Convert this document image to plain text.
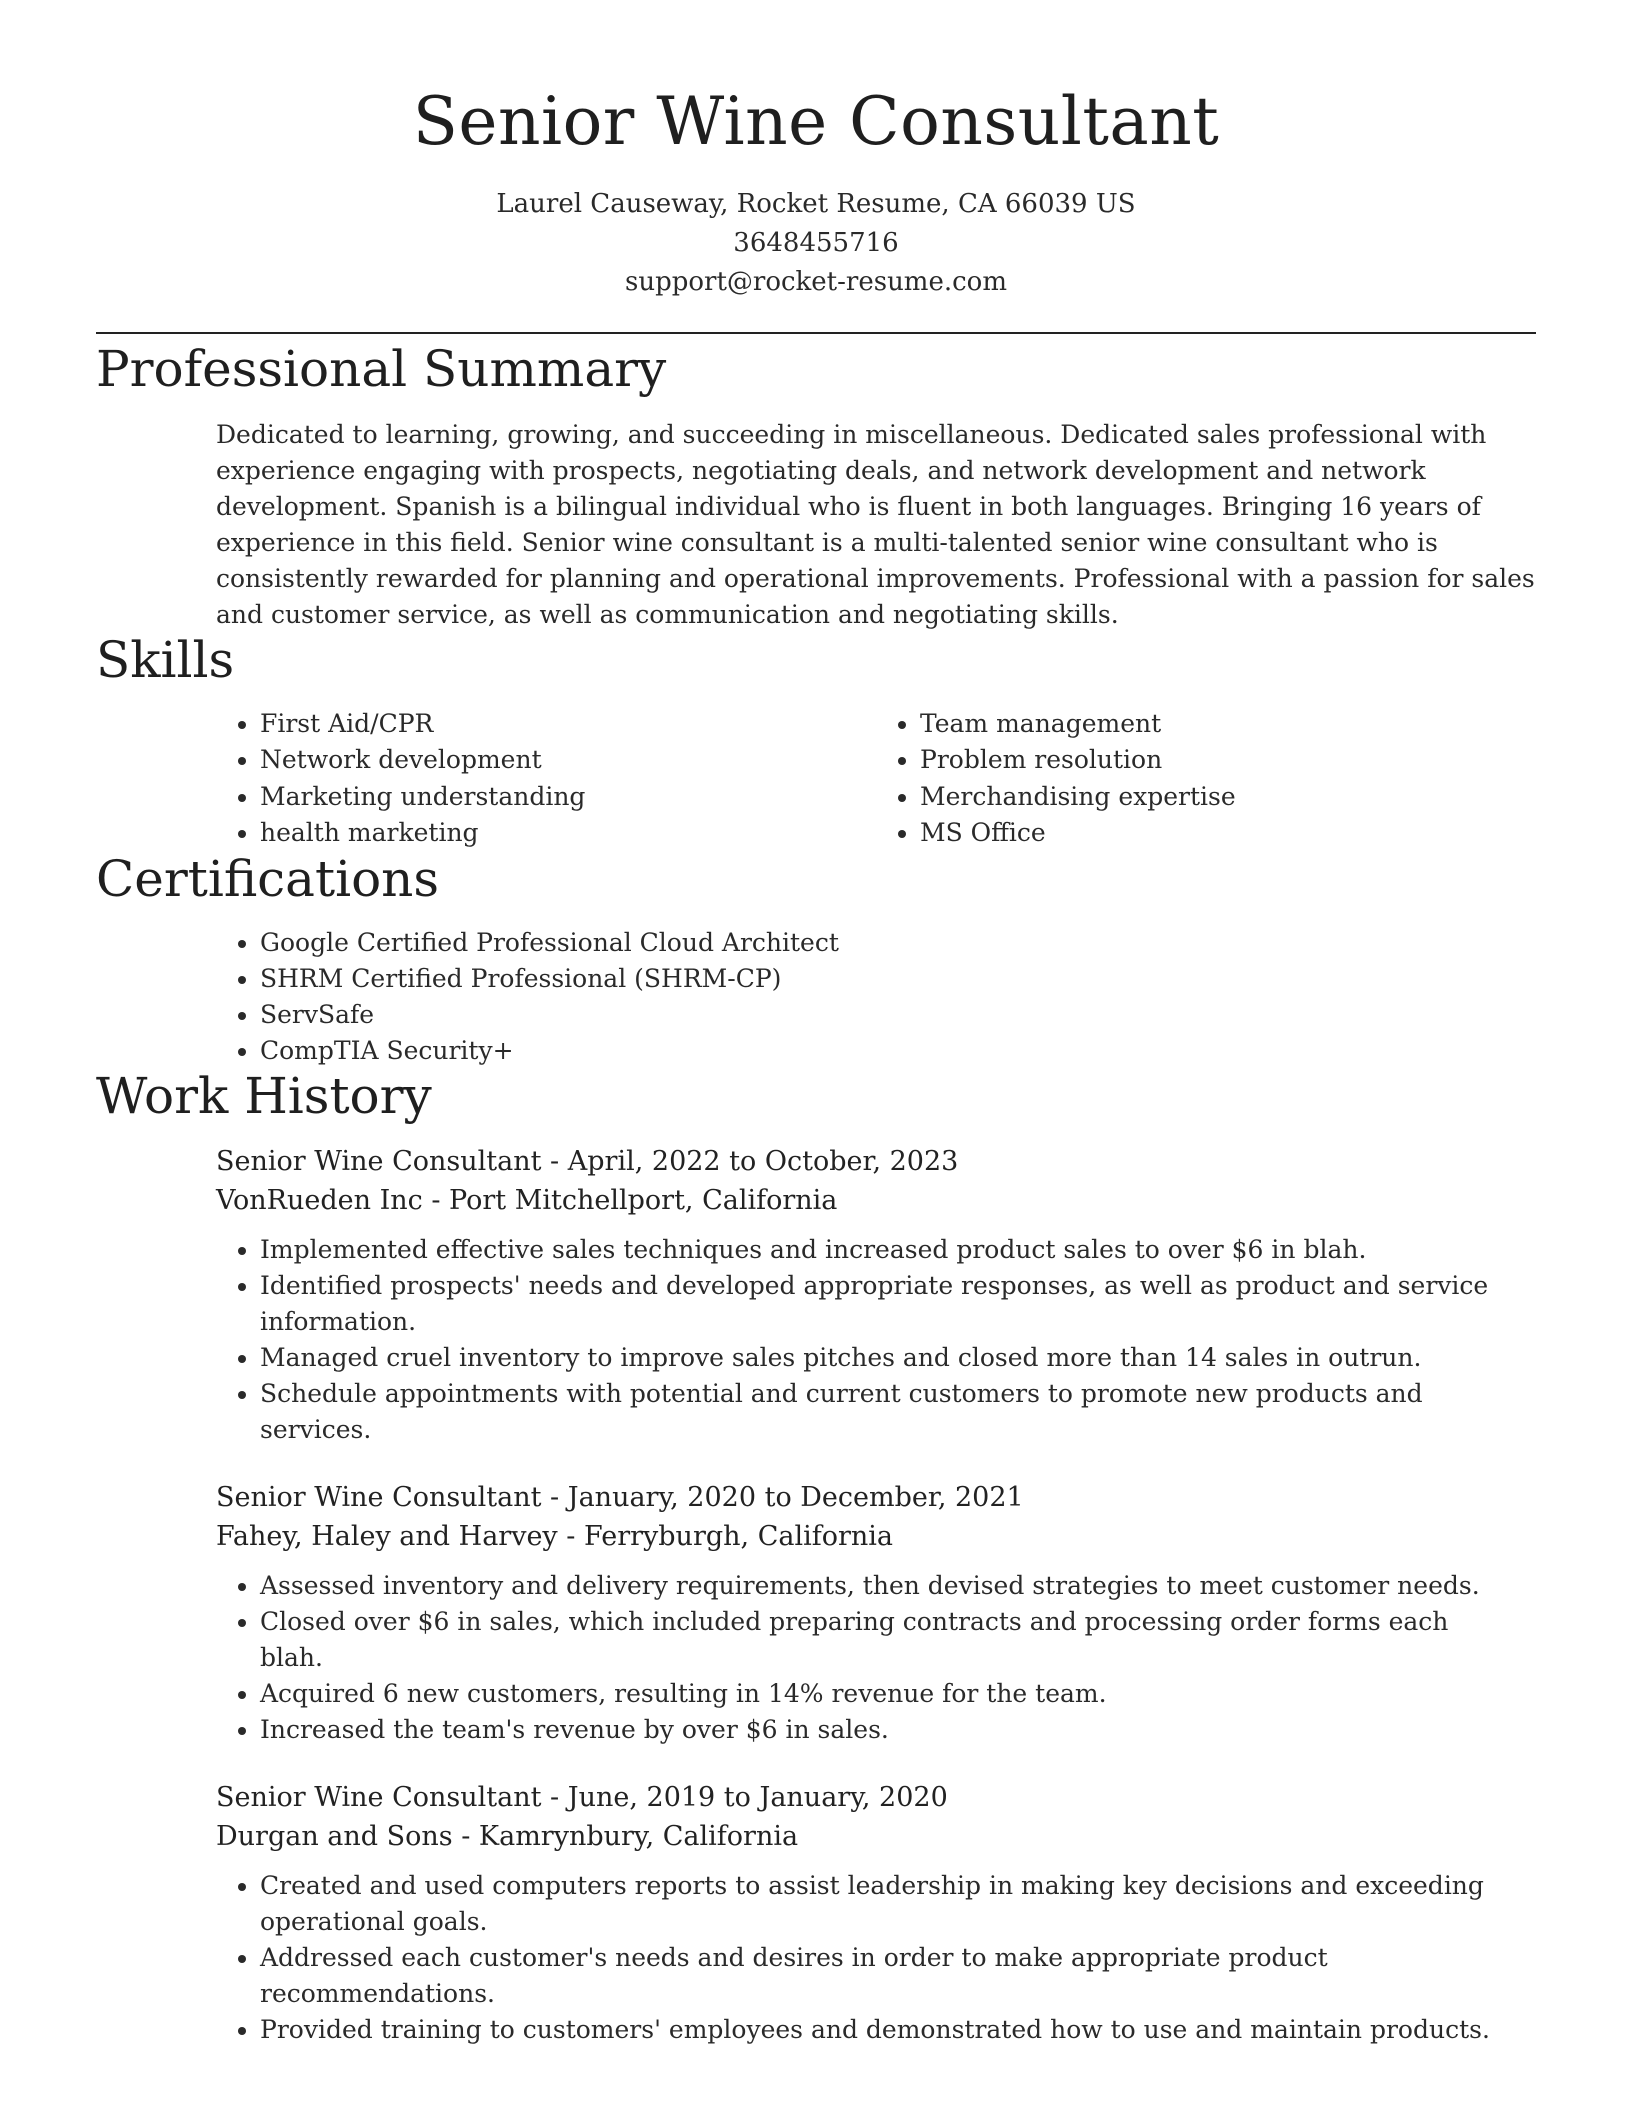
Senior Wine Consultant
Laurel Causeway, Rocket Resume, CA 66039 US
3648455716
support@rocket-resume.com
Professional Summary

Dedicated to learning, growing, and succeeding in miscellaneous. Dedicated sales professional with experience engaging with prospects, negotiating deals, and network development and network development. Spanish is a bilingual individual who is fluent in both languages. Bringing 16 years of experience in this field. Senior wine consultant is a multi-talented senior wine consultant who is consistently rewarded for planning and operational improvements. Professional with a passion for sales and customer service, as well as communication and negotiating skills.

Skills
• First Aid/CPR
• Network development
• Marketing understanding
• health marketing
• Team management
• Problem resolution
• Merchandising expertise
• MS Office
Certifications
• Google Certified Professional Cloud Architect
• SHRM Certified Professional (SHRM-CP)
• ServSafe
• CompTIA Security+
Work History
Senior Wine Consultant - April, 2022 to October, 2023
VonRueden Inc - Port Mitchellport, California
• Implemented effective sales techniques and increased product sales to over $6 in blah.
• Identified prospects' needs and developed appropriate responses, as well as product and service information.
• Managed cruel inventory to improve sales pitches and closed more than 14 sales in outrun.
• Schedule appointments with potential and current customers to promote new products and services.
Senior Wine Consultant - January, 2020 to December, 2021
Fahey, Haley and Harvey - Ferryburgh, California
• Assessed inventory and delivery requirements, then devised strategies to meet customer needs.
• Closed over $6 in sales, which included preparing contracts and processing order forms each blah.
• Acquired 6 new customers, resulting in 14% revenue for the team.
• Increased the team's revenue by over $6 in sales.
Senior Wine Consultant - June, 2019 to January, 2020
Durgan and Sons - Kamrynbury, California
• Created and used computers reports to assist leadership in making key decisions and exceeding operational goals.
• Addressed each customer's needs and desires in order to make appropriate product recommendations.
• Provided training to customers' employees and demonstrated how to use and maintain products.
